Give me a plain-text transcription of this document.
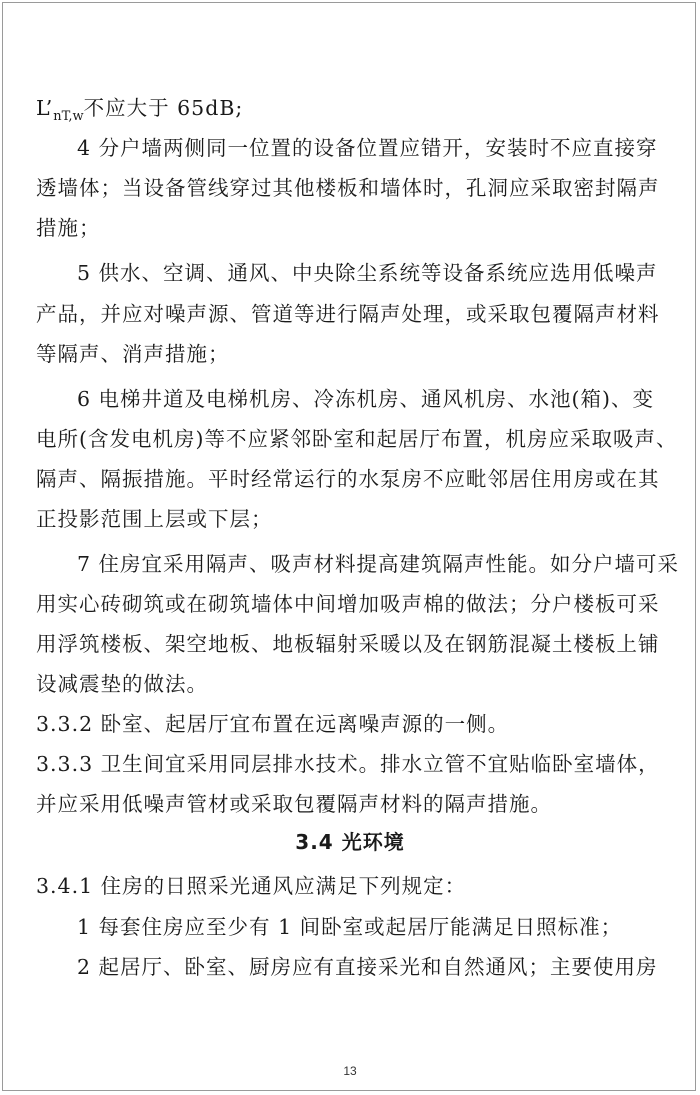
$L’_{nT,w}$不应大于 65dB;
4 分户墙两侧同一位置的设备位置应错开，安装时不应直接穿
透墙体；当设备管线穿过其他楼板和墙体时，孔洞应采取密封隔声
措施；
5 供水、空调、通风、中央除尘系统等设备系统应选用低噪声
产品，并应对噪声源、管道等进行隔声处理，或采取包覆隔声材料
等隔声、消声措施；
6 电梯井道及电梯机房、冷冻机房、通风机房、水池(箱)、变
电所(含发电机房)等不应紧邻卧室和起居厅布置，机房应采取吸声、
隔声、隔振措施。平时经常运行的水泵房不应毗邻居住用房或在其
正投影范围上层或下层；
7 住房宜采用隔声、吸声材料提高建筑隔声性能。如分户墙可采
用实心砖砌筑或在砌筑墙体中间增加吸声棉的做法；分户楼板可采
用浮筑楼板、架空地板、地板辐射采暖以及在钢筋混凝土楼板上铺
设减震垫的做法。
3.3.2 卧室、起居厅宜布置在远离噪声源的一侧。
3.3.3 卫生间宜采用同层排水技术。排水立管不宜贴临卧室墙体，
并应采用低噪声管材或采取包覆隔声材料的隔声措施。
3.4 光环境
3.4.1 住房的日照采光通风应满足下列规定：
1 每套住房应至少有 1 间卧室或起居厅能满足日照标准；
2 起居厅、卧室、厨房应有直接采光和自然通风；主要使用房
13
